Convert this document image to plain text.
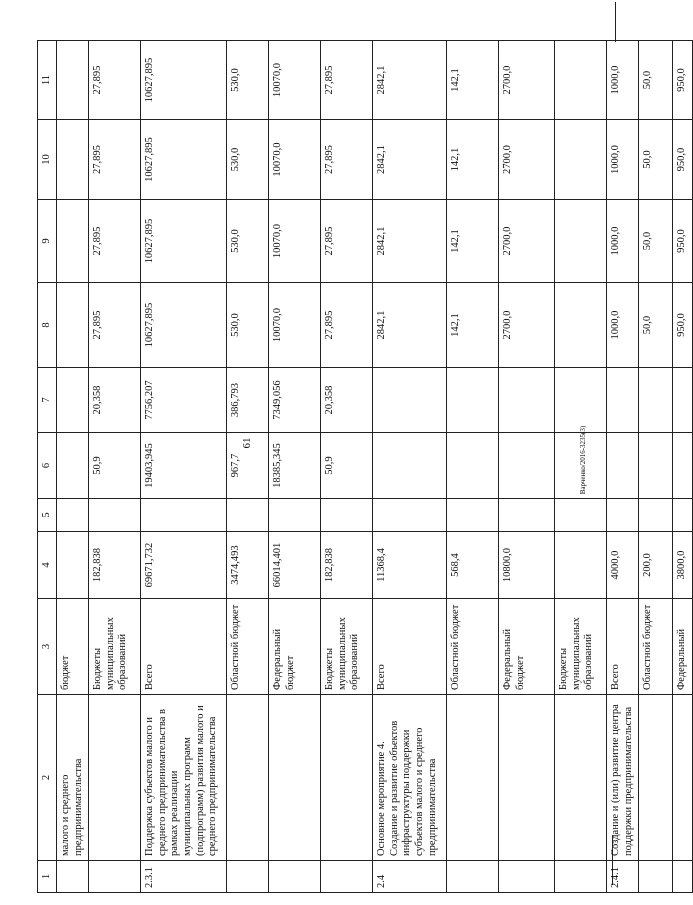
61	Варченко/2016-3235(3)
1	2	3	4	5	6	7	8	9	10	11
	малого и среднего предпринимательства	бюджет								
		Бюджеты муниципальных образований	182,838		50,9	20,358	27,895	27,895	27,895	27,895
2.3.1	Поддержка субъектов малого и среднего предпринимательства в рамках реализации муниципальных программ (подпрограмм) развития малого и среднего предпринимательства	Всего	69671,732		19403,945	7756,207	10627,895	10627,895	10627,895	10627,895
		Областной бюджет	3474,493		967,7	386,793	530,0	530,0	530,0	530,0
		Федеральный бюджет	66014,401		18385,345	7349,056	10070,0	10070,0	10070,0	10070,0
		Бюджеты муниципальных образований	182,838		50,9	20,358	27,895	27,895	27,895	27,895
2.4	Основное мероприятие 4. Создание и развитие объектов инфраструктуры поддержки субъектов малого и среднего предпринимательства	Всего	11368,4				2842,1	2842,1	2842,1	2842,1
		Областной бюджет	568,4				142,1	142,1	142,1	142,1
		Федеральный бюджет	10800,0				2700,0	2700,0	2700,0	2700,0
		Бюджеты муниципальных образований								
2.4.1	Создание и (или) развитие центра поддержки предпринимательства	Всего	4000,0				1000,0	1000,0	1000,0	1000,0
		Областной бюджет	200,0				50,0	50,0	50,0	50,0
		Федеральный	3800,0				950,0	950,0	950,0	950,0
